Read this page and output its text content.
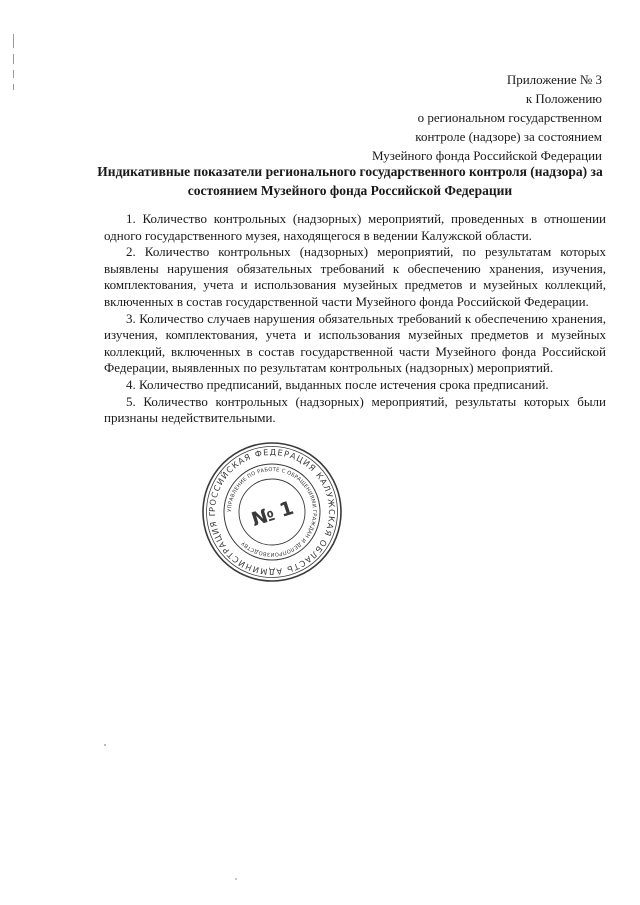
Приложение № 3
к Положению
о региональном государственном
контроле (надзоре) за состоянием
Музейного фонда Российской Федерации
Индикативные показатели регионального государственного контроля (надзора) за
состоянием Музейного фонда Российской Федерации

1. Количество контрольных (надзорных) мероприятий, проведенных в отношении одного государственного музея, находящегося в ведении Калужской области.

2. Количество контрольных (надзорных) мероприятий, по результатам которых выявлены нарушения обязательных требований к обеспечению хранения, изучения, комплектования, учета и использования музейных предметов и музейных коллекций, включенных в состав государственной части Музейного фонда Российской Федерации.

3. Количество случаев нарушения обязательных требований к обеспечению хранения, изучения, комплектования, учета и использования музейных предметов и музейных коллекций, включенных в состав государственной части Музейного фонда Российской Федерации, выявленных по результатам контрольных (надзорных) мероприятий.

4. Количество предписаний, выданных после истечения срока предписаний.

5. Количество контрольных (надзорных) мероприятий, результаты которых были признаны недействительными.

РОССИЙСКАЯ ФЕДЕРАЦИЯ КАЛУЖСКАЯ ОБЛАСТЬ АДМИНИСТРАЦИЯ Г	УПРАВЛЕНИЕ ПО РАБОТЕ С ОБРАЩЕНИЯМИ ГРАЖДАН И ДЕЛОПРОИЗВОДСТВУ
№ 1
